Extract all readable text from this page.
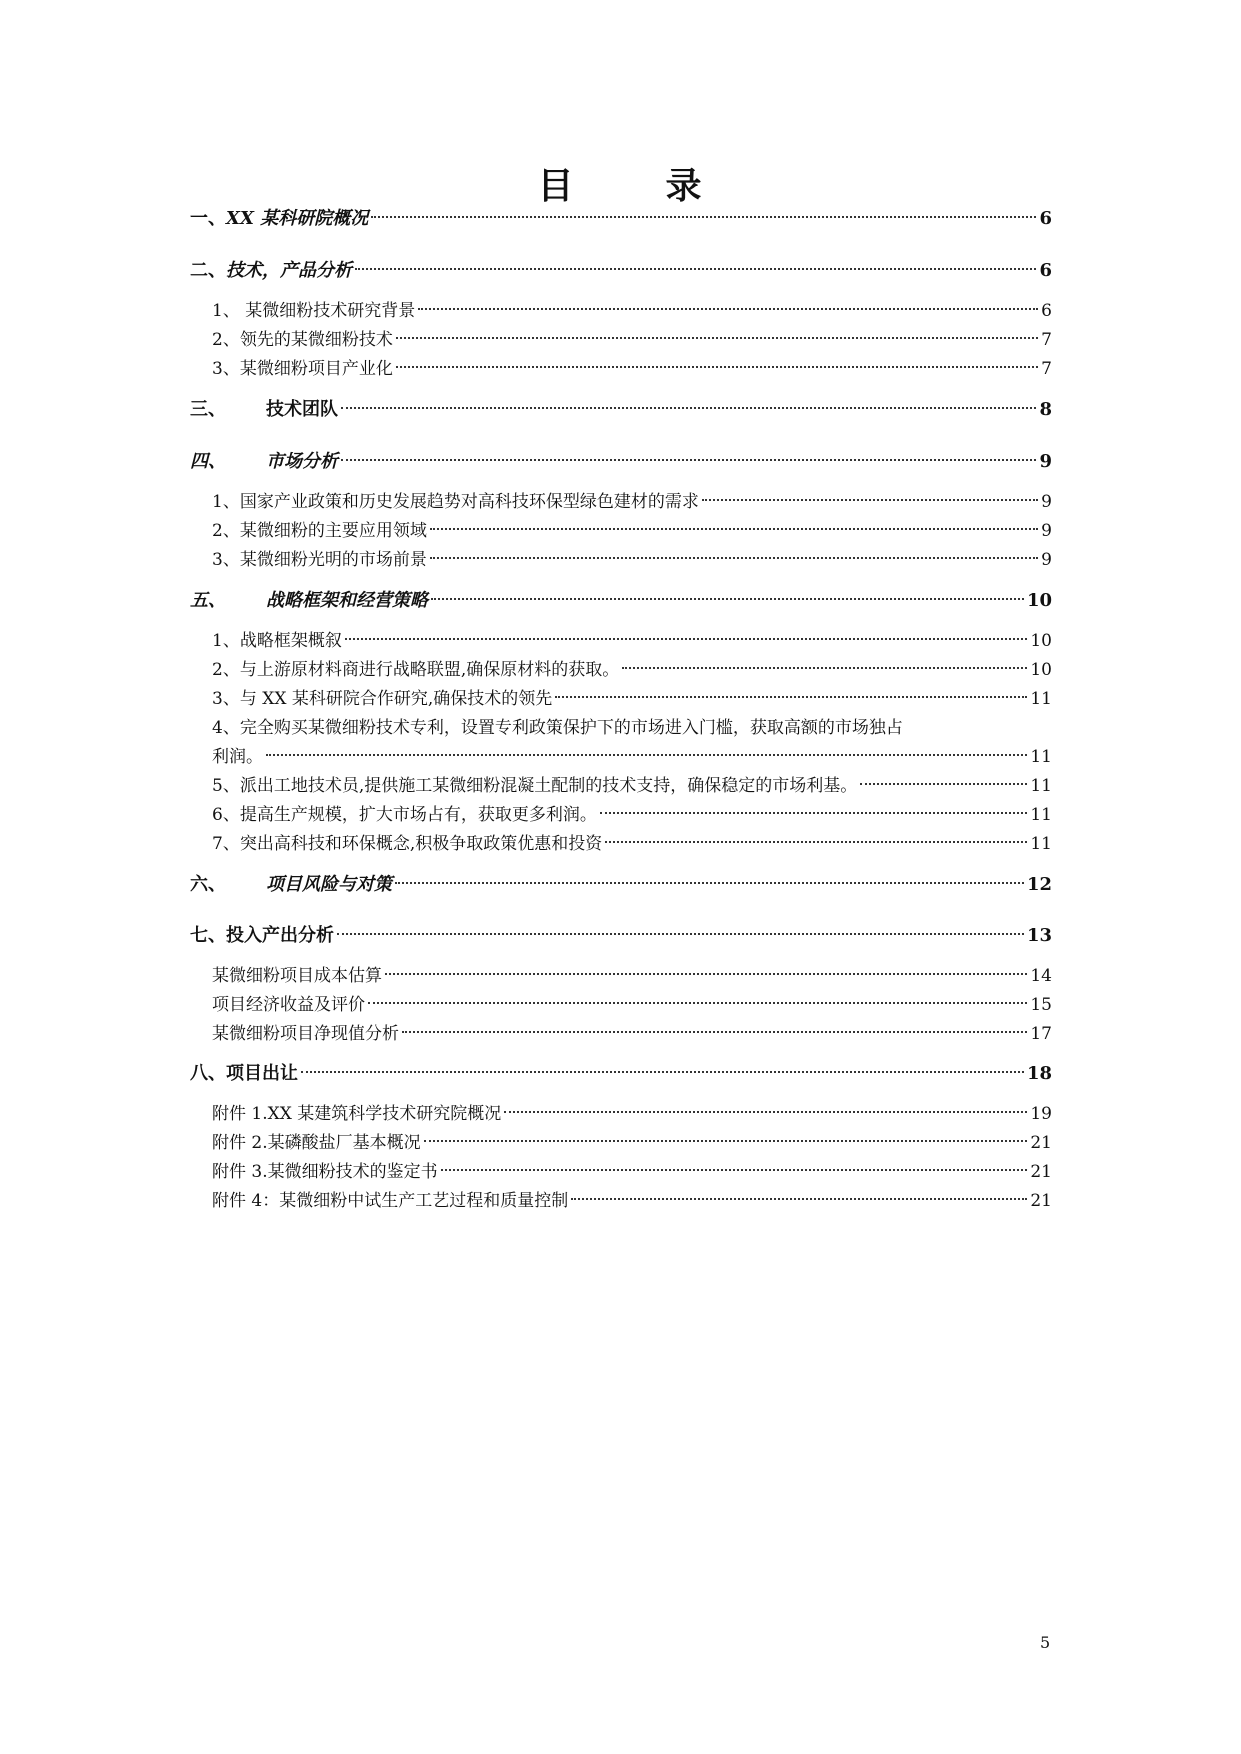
目	录
一、XX 某科研院概况	6
二、技术，产品分析	6
1、 某微细粉技术研究背景	6
2、领先的某微细粉技术	7
3、某微细粉项目产业化	7
三、 技术团队	8
四、 市场分析	9
1、国家产业政策和历史发展趋势对高科技环保型绿色建材的需求	9
2、某微细粉的主要应用领域	9
3、某微细粉光明的市场前景	9
五、 战略框架和经营策略	10
1、战略框架概叙	10
2、与上游原材料商进行战略联盟,确保原材料的获取。	10
3、与 XX 某科研院合作研究,确保技术的领先	11
4、完全购买某微细粉技术专利，设置专利政策保护下的市场进入门槛，获取高额的市场独占
利润。	11
5、派出工地技术员,提供施工某微细粉混凝土配制的技术支持，确保稳定的市场利基。	11
6、提高生产规模，扩大市场占有，获取更多利润。	11
7、突出高科技和环保概念,积极争取政策优惠和投资	11
六、 项目风险与对策	12
七、投入产出分析	13
某微细粉项目成本估算	14
项目经济收益及评价	15
某微细粉项目净现值分析	17
八、项目出让	18
附件 1.XX 某建筑科学技术研究院概况	19
附件 2.某磷酸盐厂基本概况	21
附件 3.某微细粉技术的鉴定书	21
附件 4：某微细粉中试生产工艺过程和质量控制	21
5
